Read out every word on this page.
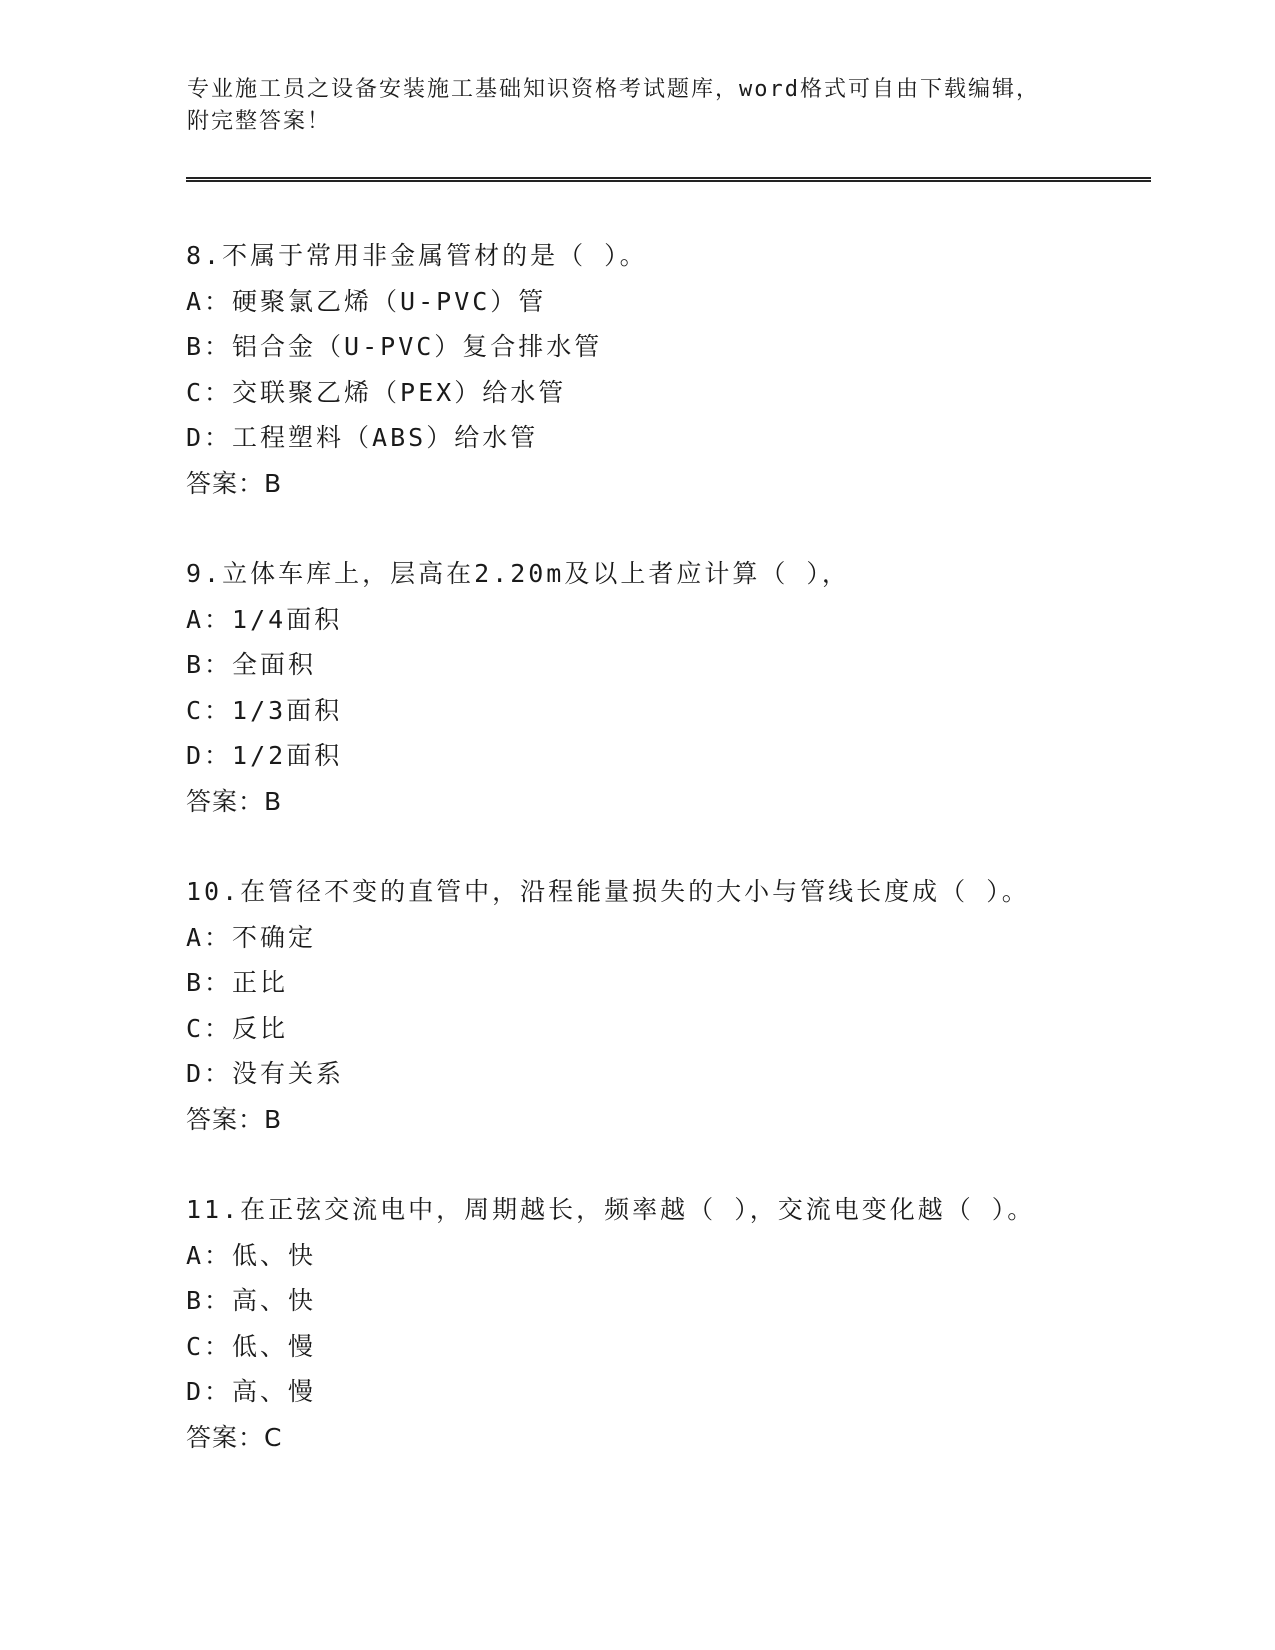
专业施工员之设备安装施工基础知识资格考试题库，word格式可自由下载编辑，
附完整答案！
8.不属于常用非金属管材的是（ ）。
A：硬聚氯乙烯（U-PVC）管
B：铝合金（U-PVC）复合排水管
C：交联聚乙烯（PEX）给水管
D：工程塑料（ABS）给水管
答案：B
9.立体车库上，层高在2.20m及以上者应计算（ ），
A：1/4面积
B：全面积
C：1/3面积
D：1/2面积
答案：B
10.在管径不变的直管中，沿程能量损失的大小与管线长度成（ ）。
A：不确定
B：正比
C：反比
D：没有关系
答案：B
11.在正弦交流电中，周期越长，频率越（ ），交流电变化越（ ）。
A：低、快
B：高、快
C：低、慢
D：高、慢
答案：C
